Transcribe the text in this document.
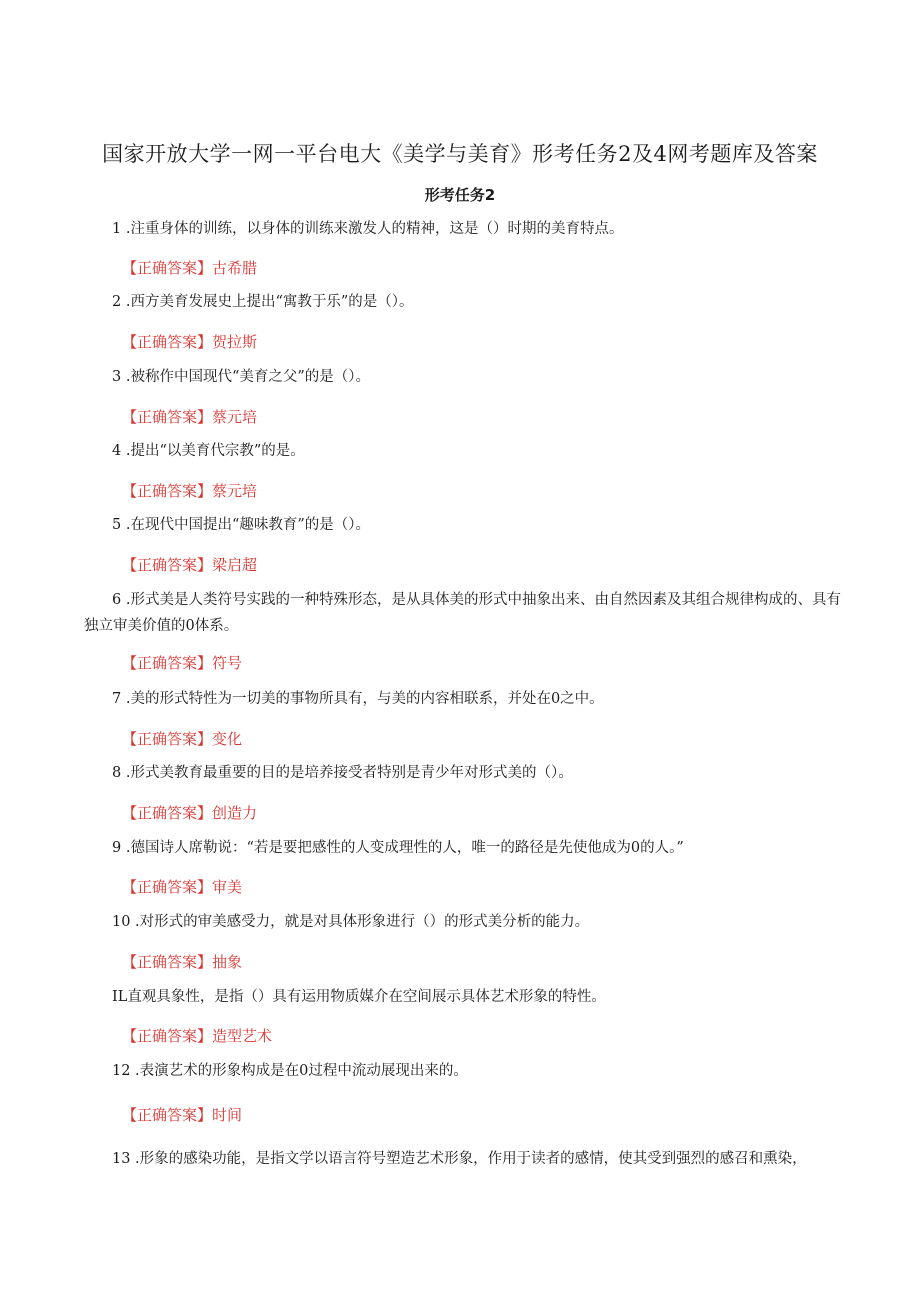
国家开放大学一网一平台电大《美学与美育》形考任务2及4网考题库及答案
形考任务2
1 .注重身体的训练，以身体的训练来激发人的精神，这是（）时期的美育特点。
【正确答案】古希腊
2 .西方美育发展史上提出“寓教于乐”的是（）。
【正确答案】贺拉斯
3 .被称作中国现代“美育之父”的是（）。
【正确答案】蔡元培
4 .提出“以美育代宗教”的是。
【正确答案】蔡元培
5 .在现代中国提出“趣味教育”的是（）。
【正确答案】梁启超
6 .形式美是人类符号实践的一种特殊形态，是从具体美的形式中抽象出来、由自然因素及其组合规律构成的、具有独立审美价值的0体系。
【正确答案】符号
7 .美的形式特性为一切美的事物所具有，与美的内容相联系，并处在0之中。
【正确答案】变化
8 .形式美教育最重要的目的是培养接受者特别是青少年对形式美的（）。
【正确答案】创造力
9 .德国诗人席勒说：“若是要把感性的人变成理性的人，唯一的路径是先使他成为0的人。”
【正确答案】审美
10 .对形式的审美感受力，就是对具体形象进行（）的形式美分析的能力。
【正确答案】抽象
IL直观具象性，是指（）具有运用物质媒介在空间展示具体艺术形象的特性。
【正确答案】造型艺术
12 .表演艺术的形象构成是在0过程中流动展现出来的。
【正确答案】时间
13 .形象的感染功能，是指文学以语言符号塑造艺术形象，作用于读者的感情，使其受到强烈的感召和熏染，
